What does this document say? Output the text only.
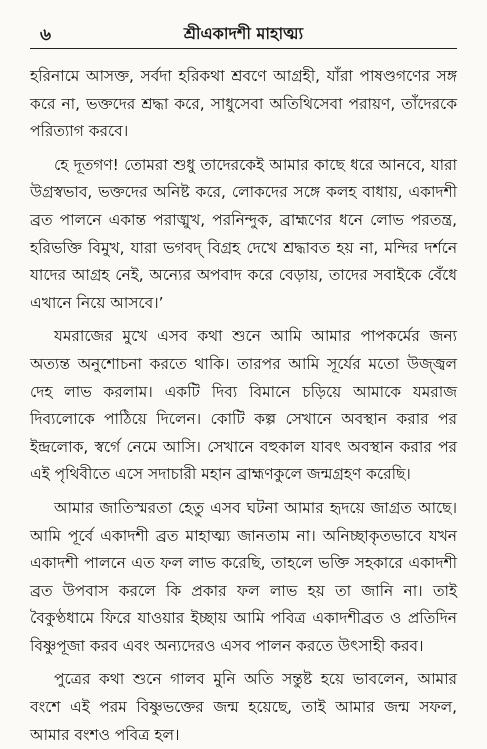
৬	শ্রীএকাদশী মাহাত্ম্য

হরিনামে আসক্ত, সর্বদা হরিকথা শ্রবণে আগ্রহী, যাঁরা পাষণ্ডগণের সঙ্গ করে না, ভক্তদের শ্রদ্ধা করে, সাধুসেবা অতিথিসেবা পরায়ণ, তাঁদেরকে পরিত্যাগ করবে।

হে দূতগণ! তোমরা শুধু তাদেরকেই আমার কাছে ধরে আনবে, যারা উগ্রস্বভাব, ভক্তদের অনিষ্ট করে, লোকদের সঙ্গে কলহ বাধায়, একাদশী ব্রত পালনে একান্ত পরাঙ্মুখ, পরনিন্দুক, ব্রাহ্মণের ধনে লোভ পরতন্ত্র, হরিভক্তি বিমুখ, যারা ভগবদ্‌ বিগ্রহ দেখে শ্রদ্ধাবত হয় না, মন্দির দর্শনে যাদের আগ্রহ নেই, অন্যের অপবাদ করে বেড়ায়, তাদের সবাইকে বেঁধে এখানে নিয়ে আসবে।’

যমরাজের মুখে এসব কথা শুনে আমি আমার পাপকর্মের জন্য অত্যন্ত অনুশোচনা করতে থাকি। তারপর আমি সূর্যের মতো উজ্জ্বল দেহ লাভ করলাম। একটি দিব্য বিমানে চড়িয়ে আমাকে যমরাজ দিব্যলোকে পাঠিয়ে দিলেন। কোটি কল্প সেখানে অবস্থান করার পর ইন্দ্রলোক, স্বর্গে নেমে আসি। সেখানে বহুকাল যাবৎ অবস্থান করার পর এই পৃথিবীতে এসে সদাচারী মহান ব্রাহ্মণকুলে জন্মগ্রহণ করেছি।

আমার জাতিস্মরতা হেতু এসব ঘটনা আমার হৃদয়ে জাগ্রত আছে। আমি পূর্বে একাদশী ব্রত মাহাত্ম্য জানতাম না। অনিচ্ছাকৃতভাবে যখন একাদশী পালনে এত ফল লাভ করেছি, তাহলে ভক্তি সহকারে একাদশী ব্রত উপবাস করলে কি প্রকার ফল লাভ হয় তা জানি না। তাই বৈকুণ্ঠধামে ফিরে যাওয়ার ইচ্ছায় আমি পবিত্র একাদশীব্রত ও প্রতিদিন বিষ্ণুপূজা করব এবং অন্যদেরও এসব পালন করতে উৎসাহী করব।

পুত্রের কথা শুনে গালব মুনি অতি সন্তুষ্ট হয়ে ভাবলেন, আমার বংশে এই পরম বিষ্ণুভক্তের জন্ম হয়েছে, তাই আমার জন্ম সফল, আমার বংশও পবিত্র হল।
